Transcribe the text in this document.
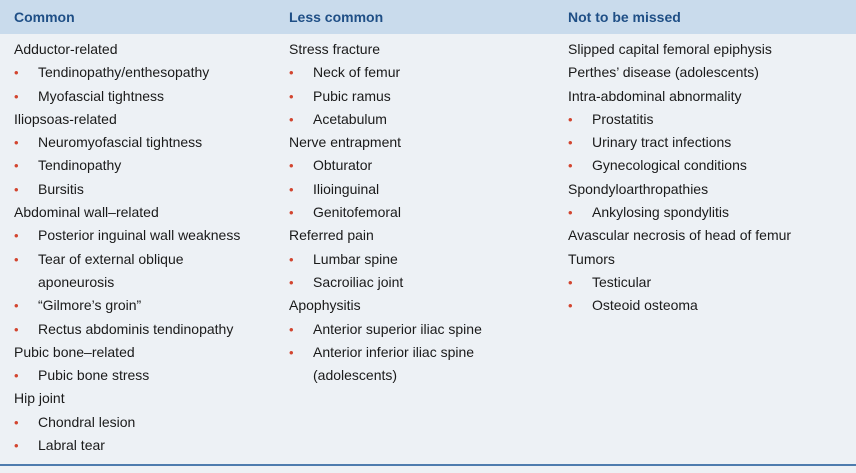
Common	Less common	Not to be missed
Adductor-related
• Tendinopathy/enthesopathy
• Myofascial tightness
Iliopsoas-related
• Neuromyofascial tightness
• Tendinopathy
• Bursitis
Abdominal wall–related
• Posterior inguinal wall weakness
• Tear of external oblique
aponeurosis
• “Gilmore’s groin”
• Rectus abdominis tendinopathy
Pubic bone–related
• Pubic bone stress
Hip joint
• Chondral lesion
• Labral tear
Stress fracture
• Neck of femur
• Pubic ramus
• Acetabulum
Nerve entrapment
• Obturator
• Ilioinguinal
• Genitofemoral
Referred pain
• Lumbar spine
• Sacroiliac joint
Apophysitis
• Anterior superior iliac spine
• Anterior inferior iliac spine
(adolescents)
Slipped capital femoral epiphysis
Perthes’ disease (adolescents)
Intra-abdominal abnormality
• Prostatitis
• Urinary tract infections
• Gynecological conditions
Spondyloarthropathies
• Ankylosing spondylitis
Avascular necrosis of head of femur
Tumors
• Testicular
• Osteoid osteoma
